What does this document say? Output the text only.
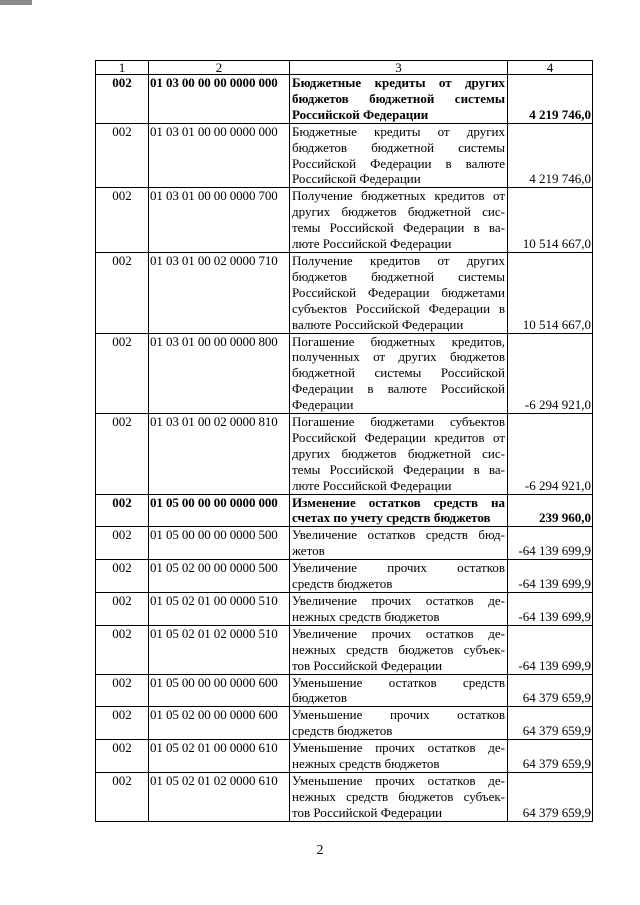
1	2	3	4
002	01 03 00 00 00 0000 000	Бюджетные кредиты от других
бюджетов бюджетной системы
Российской Федерации	4 219 746,0
002	01 03 01 00 00 0000 000	Бюджетные кредиты от других
бюджетов бюджетной системы
Российской Федерации в валюте
Российской Федерации	4 219 746,0
002	01 03 01 00 00 0000 700	Получение бюджетных кредитов от
других бюджетов бюджетной сис-
темы Российской Федерации в ва-
люте Российской Федерации	10 514 667,0
002	01 03 01 00 02 0000 710	Получение кредитов от других
бюджетов бюджетной системы
Российской Федерации бюджетами
субъектов Российской Федерации в
валюте Российской Федерации	10 514 667,0
002	01 03 01 00 00 0000 800	Погашение бюджетных кредитов,
полученных от других бюджетов
бюджетной системы Российской
Федерации в валюте Российской
Федерации	-6 294 921,0
002	01 03 01 00 02 0000 810	Погашение бюджетами субъектов
Российской Федерации кредитов от
других бюджетов бюджетной сис-
темы Российской Федерации в ва-
люте Российской Федерации	-6 294 921,0
002	01 05 00 00 00 0000 000	Изменение остатков средств на
счетах по учету средств бюджетов	239 960,0
002	01 05 00 00 00 0000 500	Увеличение остатков средств бюд-
жетов	-64 139 699,9
002	01 05 02 00 00 0000 500	Увеличение прочих остатков
средств бюджетов	-64 139 699,9
002	01 05 02 01 00 0000 510	Увеличение прочих остатков де-
нежных средств бюджетов	-64 139 699,9
002	01 05 02 01 02 0000 510	Увеличение прочих остатков де-
нежных средств бюджетов субъек-
тов Российской Федерации	-64 139 699,9
002	01 05 00 00 00 0000 600	Уменьшение остатков средств
бюджетов	64 379 659,9
002	01 05 02 00 00 0000 600	Уменьшение прочих остатков
средств бюджетов	64 379 659,9
002	01 05 02 01 00 0000 610	Уменьшение прочих остатков де-
нежных средств бюджетов	64 379 659,9
002	01 05 02 01 02 0000 610	Уменьшение прочих остатков де-
нежных средств бюджетов субъек-
тов Российской Федерации	64 379 659,9
2
